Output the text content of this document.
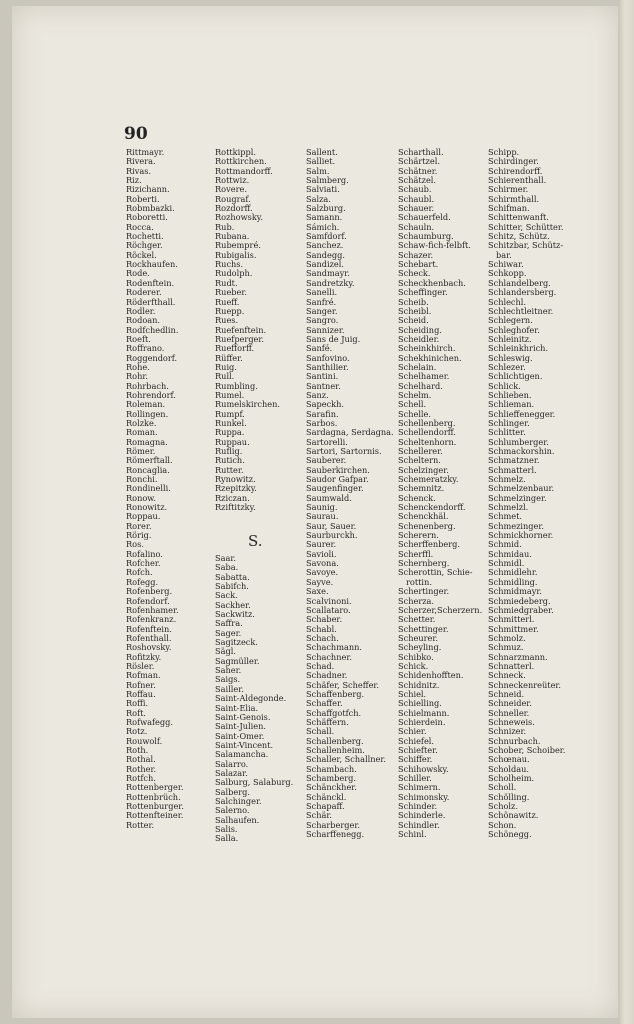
90
Rittmayr.
Rivera.
Rivas.
Riz.
Rizichann.
Roberti.
Robmbazki.
Roboretti.
Rocca.
Rochetti.
Röchger.
Röckel.
Rockhaufen.
Rode.
Rodenftein.
Roderer.
Röderfthall.
Rodler.
Rodoan.
Rodfchedlin.
Roeft.
Roffrano.
Roggendorf.
Rohe.
Rohr.
Rohrbach.
Rohrendorf.
Roleman.
Rollingen.
Rolzke.
Roman.
Romagna.
Römer.
Römerftall.
Roncaglia.
Ronchi.
Rondinelli.
Ronow.
Ronowitz.
Roppau.
Rorer.
Rörig.
Ros.
Rofalino.
Rofcher.
Rofch.
Rofegg.
Rofenberg.
Rofendorf.
Rofenhamer.
Rofenkranz.
Rofenftein.
Rofenthall.
Roshovsky.
Rofitzky.
Rösler.
Rofman.
Rofner.
Roffau.
Roffi.
Roft.
Rofwafegg.
Rotz.
Rouwolf.
Roth.
Rothal.
Rother.
Rotfch.
Rottenberger.
Rottenbrüch.
Rottenburger.
Rottenfteiner.
Rotter.
Rottkippl.
Rottkirchen.
Rottmandorff.
Rottwiz.
Rovere.
Rougraf.
Rozdorff.
Rozhowsky.
Rub.
Rubana.
Rubempré.
Rubigalis.
Ruchs.
Rudolph.
Rudt.
Rueber.
Rueff.
Ruepp.
Rues.
Ruefenftein.
Ruefperger.
Ruefforff.
Rüffer.
Ruig.
Rull.
Rumbling.
Rumel.
Rumelskirchen.
Rumpf.
Runkel.
Ruppa.
Ruppau.
Ruflig.
Rutich.
Rutter.
Rynowitz.
Rzepitzky.
Rziczan.
Rziftitzky.
S.
Saar.
Saba.
Sabatta.
Sabifch.
Sack.
Sackher.
Sackwitz.
Saffra.
Sager.
Sagitzeck.
Sägl.
Sagmüller.
Saher.
Saigs.
Sailler.
Saint-Aldegonde.
Saint-Elia.
Saint-Genois.
Saint-Julien.
Saint-Omer.
Saint-Vincent.
Salamancha.
Salarro.
Salazar.
Salburg, Salaburg.
Salberg.
Salchinger.
Salerno.
Salhaufen.
Salis.
Salla.
Sallent.
Salliet.
Salm.
Salmberg.
Salviati.
Salza.
Salzburg.
Samann.
Sámich.
Samfdorf.
Sanchez.
Sandegg.
Sandizel.
Sandmayr.
Sandretzky.
Sanelli.
Sanfré.
Sanger.
Sangro.
Sannizer.
Sans de Juig.
Sanfé.
Sanfovino.
Santhilier.
Santini.
Santner.
Sanz.
Sapeckh.
Sarafin.
Sarbos.
Sardagna, Serdagna.
Sartorelli.
Sartori, Sartornis.
Sauberer.
Sauberkirchen.
Saudor Gafpar.
Saugenfinger.
Saumwald.
Saunig.
Saurau.
Saur, Sauer.
Saurburckh.
Saurer.
Savioli.
Savona.
Savoye.
Sayve.
Saxe.
Scalvinoni.
Scallataro.
Schaber.
Schabl.
Schach.
Schachmann.
Schachner.
Schad.
Schadner.
Schäfer, Scheffer.
Schaffenberg.
Schaffer.
Schaffgotfch.
Schäffern.
Schall.
Schallenberg.
Schallenheim.
Schaller, Schallner.
Schambach.
Schamberg.
Schänckher.
Schänckl.
Schapaff.
Schär.
Scharberger.
Scharffenegg.
Scharthall.
Schärtzel.
Schätner.
Schätzel.
Schaub.
Schaubl.
Schauer.
Schauerfeld.
Schauln.
Schaumburg.
Schaw-fich-felbft.
Schazer.
Schebart.
Scheck.
Scheckhenbach.
Scheffinger.
Scheib.
Scheibl.
Scheid.
Scheiding.
Scheidler.
Scheinkhirch.
Schekhinichen.
Schelain.
Schelhamer.
Schelhard.
Schelm.
Schell.
Schelle.
Schellenberg.
Schellendorff.
Scheltenhorn.
Schellerer.
Scheltern.
Schelzinger.
Schemeratzky.
Schemnitz.
Schenck.
Schenckendorff.
Schenckhäl.
Schenenberg.
Scherern.
Scherffenberg.
Scherffl.
Schernberg.
Scherottin, Schie-
rottin.
Schertinger.
Scherza.
Scherzer,Scherzern.
Schetter.
Schettinger.
Scheurer.
Scheyling.
Schibko.
Schick.
Schidenhofften.
Schidnitz.
Schiel.
Schielling.
Schielmann.
Schierdein.
Schier.
Schiefel.
Schiefter.
Schiffer.
Schihowsky.
Schiller.
Schimern.
Schimonsky.
Schinder.
Schinderle.
Schindler.
Schinl.
Schipp.
Schirdinger.
Schirendorff.
Schierenthall.
Schirmer.
Schirmthall.
Schifman.
Schittenwanft.
Schitter, Schütter.
Schitz, Schütz.
Schitzbar, Schütz-
bar.
Schiwar.
Schkopp.
Schlandelberg.
Schlandersberg.
Schlechl.
Schlechtleitner.
Schlegern.
Schleghofer.
Schleinitz.
Schleinkhrich.
Schleswig.
Schlezer.
Schlichtigen.
Schlick.
Schlieben.
Schlieman.
Schlieffenegger.
Schlinger.
Schlitter.
Schlumberger.
Schmackorshin.
Schmatzner.
Schmatterl.
Schmelz.
Schmelzenbaur.
Schmelzinger.
Schmelzl.
Schmet.
Schmezinger.
Schmickhorner.
Schmid.
Schmidau.
Schmidl.
Schmidlehr.
Schmidling.
Schmidmayr.
Schmiedeberg.
Schmiedgraber.
Schmitterl.
Schmittmer.
Schmolz.
Schmuz.
Schnarzmann.
Schnatterl.
Schneck.
Schneckenreüter.
Schneid.
Schneider.
Schneller.
Schneweis.
Schnizer.
Schnurbach.
Schober, Schoiber.
Schœnau.
Scholdau.
Scholheim.
Scholl.
Schölling.
Scholz.
Schönawitz.
Schon.
Schönegg.
